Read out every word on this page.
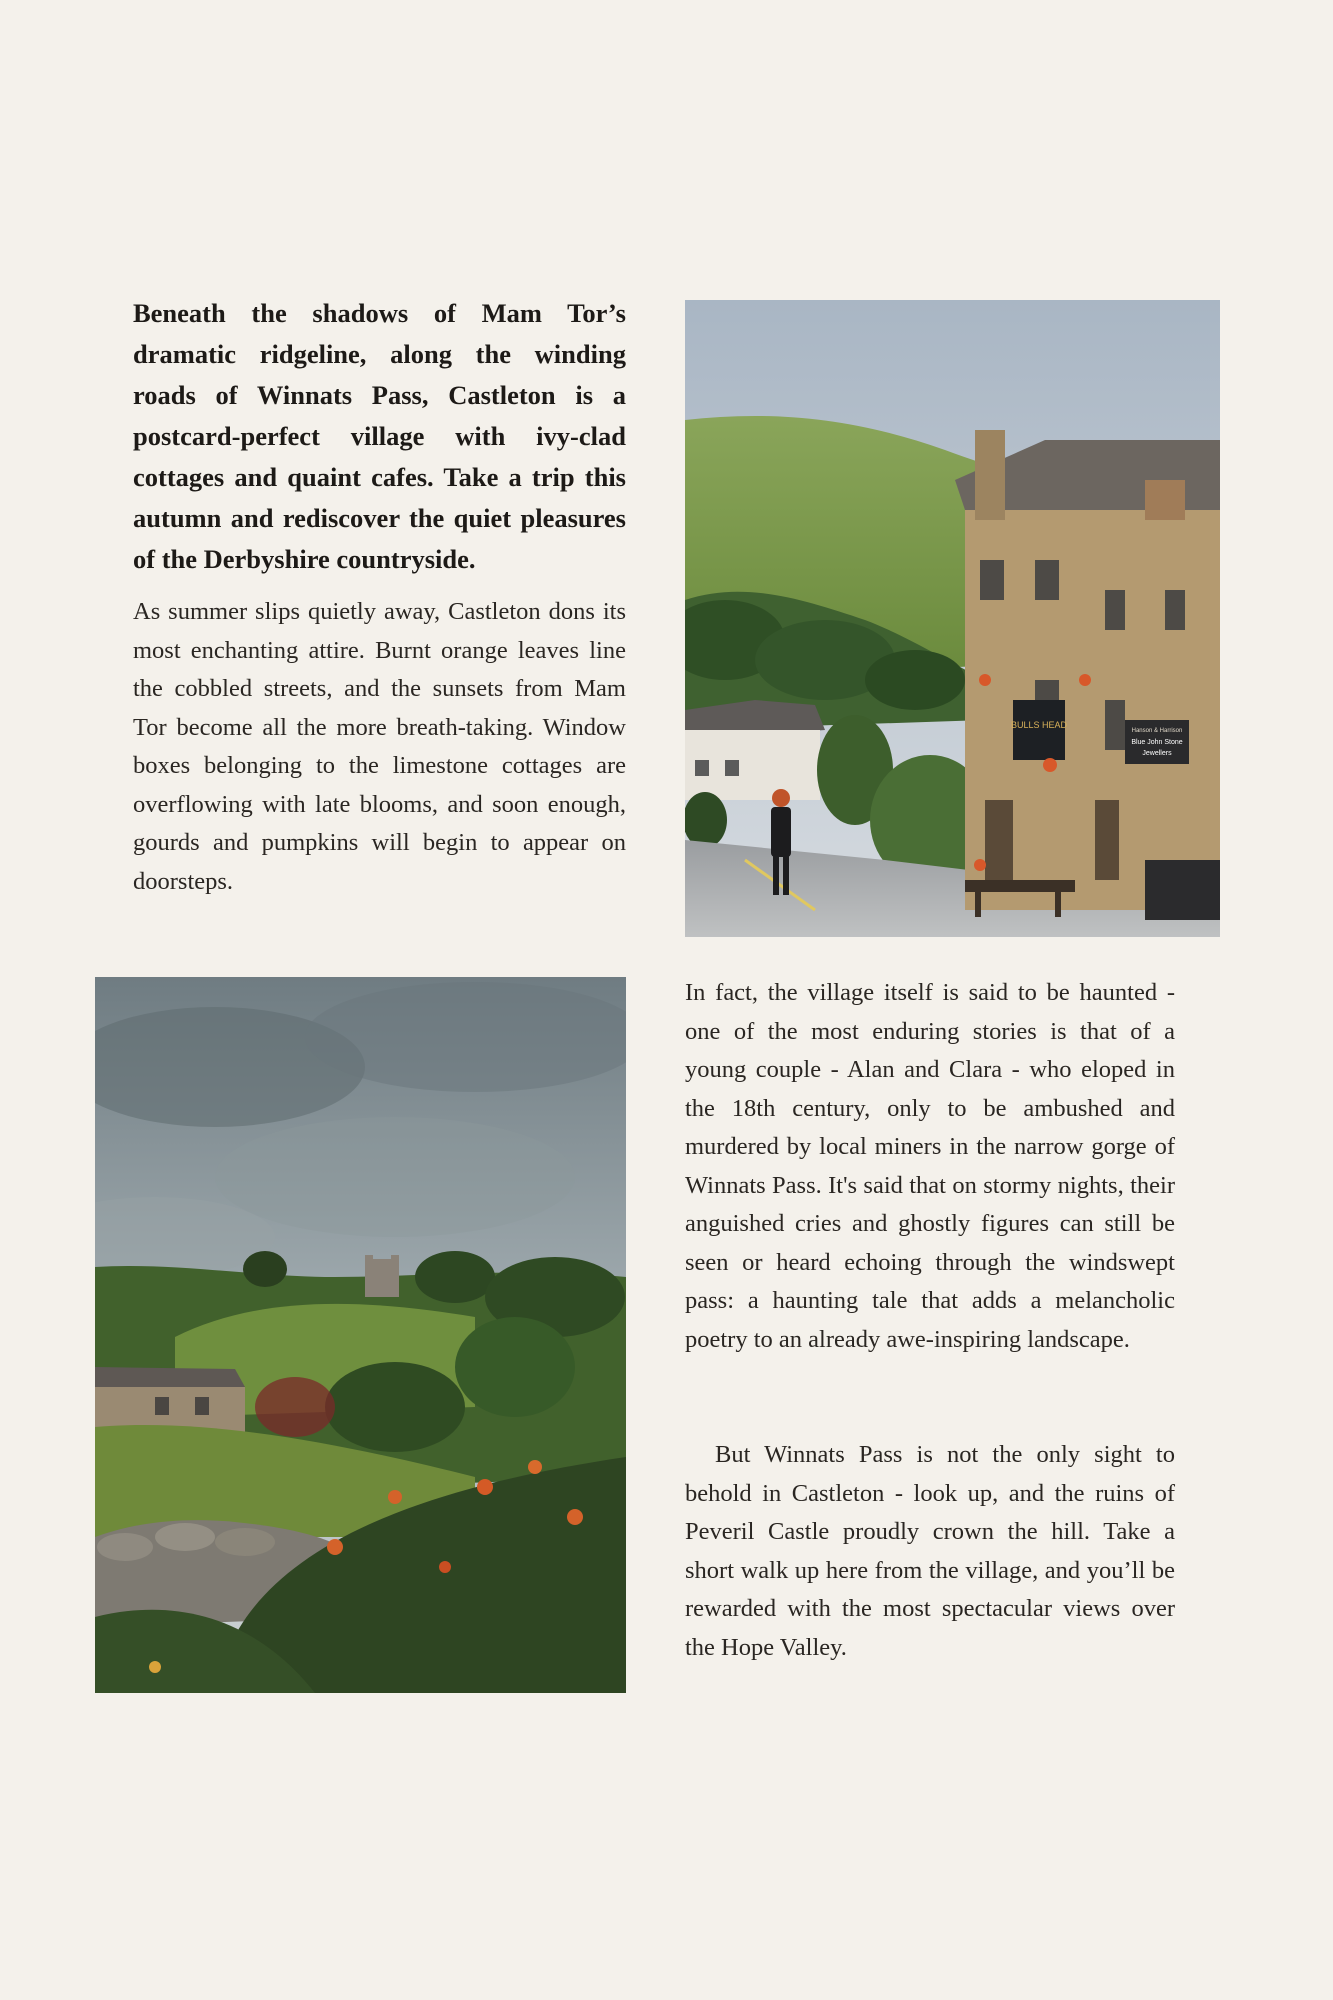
Beneath the shadows of Mam Tor’s dramatic ridgeline, along the winding roads of Winnats Pass, Castleton is a postcard-perfect village with ivy-clad cottages and quaint cafes. Take a trip this autumn and rediscover the quiet pleasures of the Derbyshire countryside.

As summer slips quietly away, Castleton dons its most enchanting attire. Burnt orange leaves line the cobbled streets, and the sunsets from Mam Tor become all the more breath-taking. Window boxes belonging to the limestone cottages are overflowing with late blooms, and soon enough, gourds and pumpkins will begin to appear on doorsteps.

BULLS HEAD
Hanson & Harrison
Blue John Stone
Jewellers

In fact, the village itself is said to be haunted - one of the most enduring stories is that of a young couple - Alan and Clara - who eloped in the 18th century, only to be ambushed and murdered by local miners in the narrow gorge of Winnats Pass. It's said that on stormy nights, their anguished cries and ghostly figures can still be seen or heard echoing through the windswept pass: a haunting tale that adds a melancholic poetry to an already awe-inspiring landscape.

But Winnats Pass is not the only sight to behold in Castleton - look up, and the ruins of Peveril Castle proudly crown the hill. Take a short walk up here from the village, and you’ll be rewarded with the most spectacular views over the Hope Valley.
